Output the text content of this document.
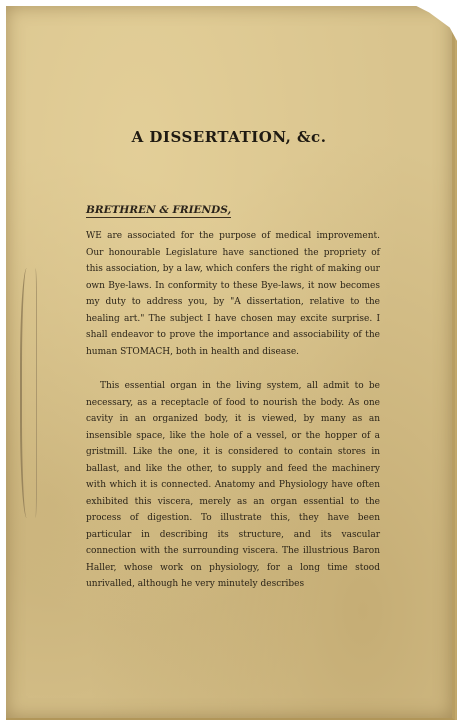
A DISSERTATION, &c.
BRETHREN & FRIENDS,
WE are associated for the purpose of medical improvement. Our honourable Legislature have sanctioned the propriety of this association, by a law, which confers the right of making our own Bye-laws. In conformity to these Bye-laws, it now becomes my duty to address you, by "A dissertation, relative to the healing art." The subject I have chosen may excite surprise. I shall endeavor to prove the importance and associability of the human STOMACH, both in health and disease.
This essential organ in the living system, all admit to be necessary, as a receptacle of food to nourish the body. As one cavity in an organized body, it is viewed, by many as an insensible space, like the hole of a vessel, or the hopper of a gristmill. Like the one, it is considered to contain stores in ballast, and like the other, to supply and feed the machinery with which it is connected. Anatomy and Physiology have often exhibited this viscera, merely as an organ essential to the process of digestion. To illustrate this, they have been particular in describing its structure, and its vascular connection with the surrounding viscera. The illustrious Baron Haller, whose work on physiology, for a long time stood unrivalled, although he very minutely describes
